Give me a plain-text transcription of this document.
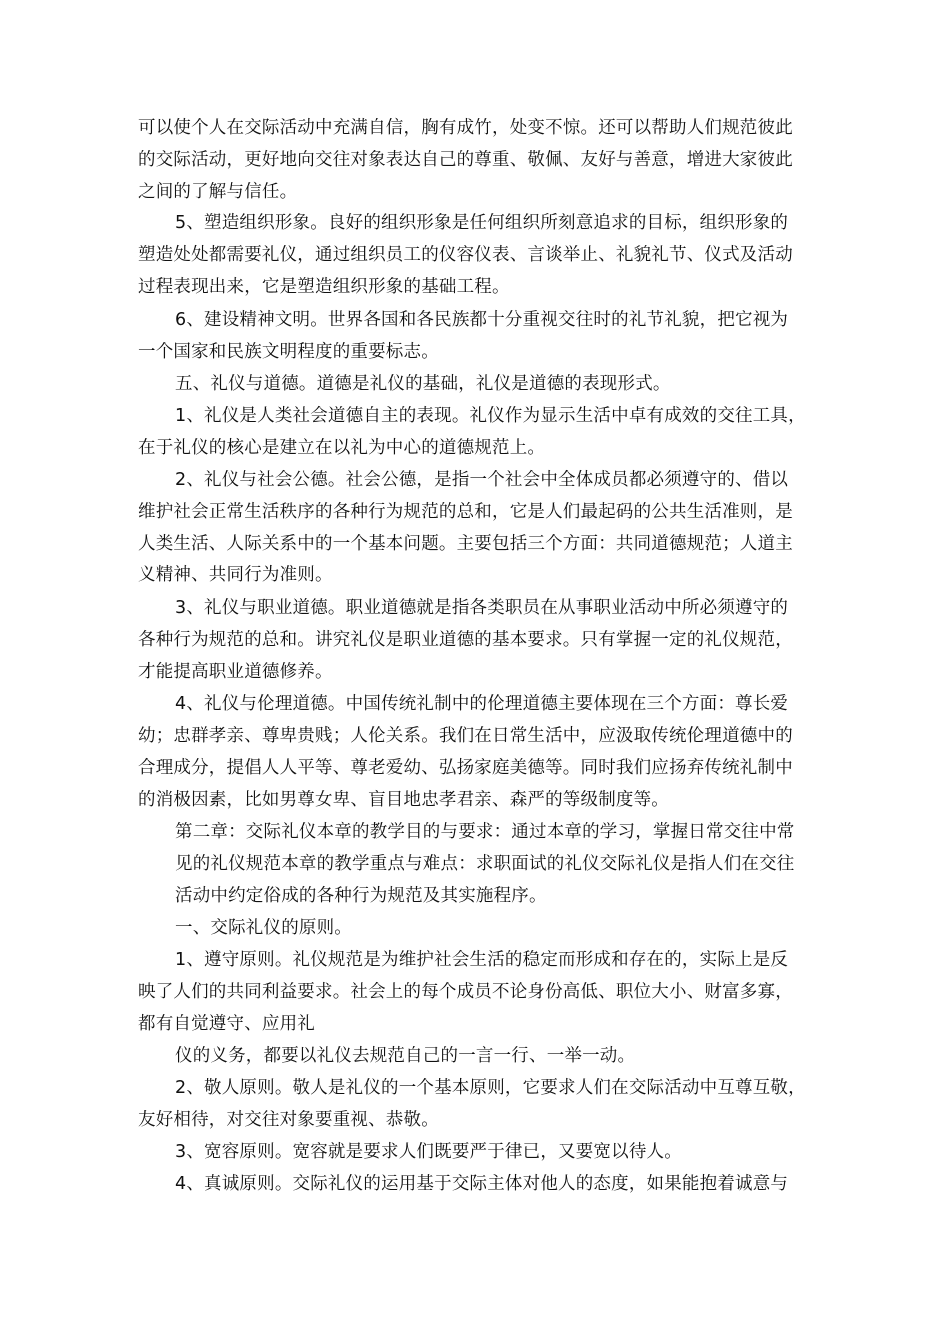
可以使个人在交际活动中充满自信，胸有成竹，处变不惊。还可以帮助人们规范彼此
的交际活动，更好地向交往对象表达自己的尊重、敬佩、友好与善意，增进大家彼此
之间的了解与信任。
5、塑造组织形象。良好的组织形象是任何组织所刻意追求的目标，组织形象的
塑造处处都需要礼仪，通过组织员工的仪容仪表、言谈举止、礼貌礼节、仪式及活动
过程表现出来，它是塑造组织形象的基础工程。
6、建设精神文明。世界各国和各民族都十分重视交往时的礼节礼貌，把它视为
一个国家和民族文明程度的重要标志。
五、礼仪与道德。道德是礼仪的基础，礼仪是道德的表现形式。
1、礼仪是人类社会道德自主的表现。礼仪作为显示生活中卓有成效的交往工具，
在于礼仪的核心是建立在以礼为中心的道德规范上。
2、礼仪与社会公德。社会公德，是指一个社会中全体成员都必须遵守的、借以
维护社会正常生活秩序的各种行为规范的总和，它是人们最起码的公共生活准则，是
人类生活、人际关系中的一个基本问题。主要包括三个方面：共同道德规范；人道主
义精神、共同行为准则。
3、礼仪与职业道德。职业道德就是指各类职员在从事职业活动中所必须遵守的
各种行为规范的总和。讲究礼仪是职业道德的基本要求。只有掌握一定的礼仪规范，
才能提高职业道德修养。
4、礼仪与伦理道德。中国传统礼制中的伦理道德主要体现在三个方面：尊长爱
幼；忠群孝亲、尊卑贵贱；人伦关系。我们在日常生活中，应汲取传统伦理道德中的
合理成分，提倡人人平等、尊老爱幼、弘扬家庭美德等。同时我们应扬弃传统礼制中
的消极因素，比如男尊女卑、盲目地忠孝君亲、森严的等级制度等。
第二章：交际礼仪本章的教学目的与要求：通过本章的学习，掌握日常交往中常
见的礼仪规范本章的教学重点与难点：求职面试的礼仪交际礼仪是指人们在交往
活动中约定俗成的各种行为规范及其实施程序。
一、交际礼仪的原则。
1、遵守原则。礼仪规范是为维护社会生活的稳定而形成和存在的，实际上是反
映了人们的共同利益要求。社会上的每个成员不论身份高低、职位大小、财富多寡，
都有自觉遵守、应用礼
仪的义务，都要以礼仪去规范自己的一言一行、一举一动。
2、敬人原则。敬人是礼仪的一个基本原则，它要求人们在交际活动中互尊互敬，
友好相待，对交往对象要重视、恭敬。
3、宽容原则。宽容就是要求人们既要严于律已，又要宽以待人。
4、真诚原则。交际礼仪的运用基于交际主体对他人的态度，如果能抱着诚意与
